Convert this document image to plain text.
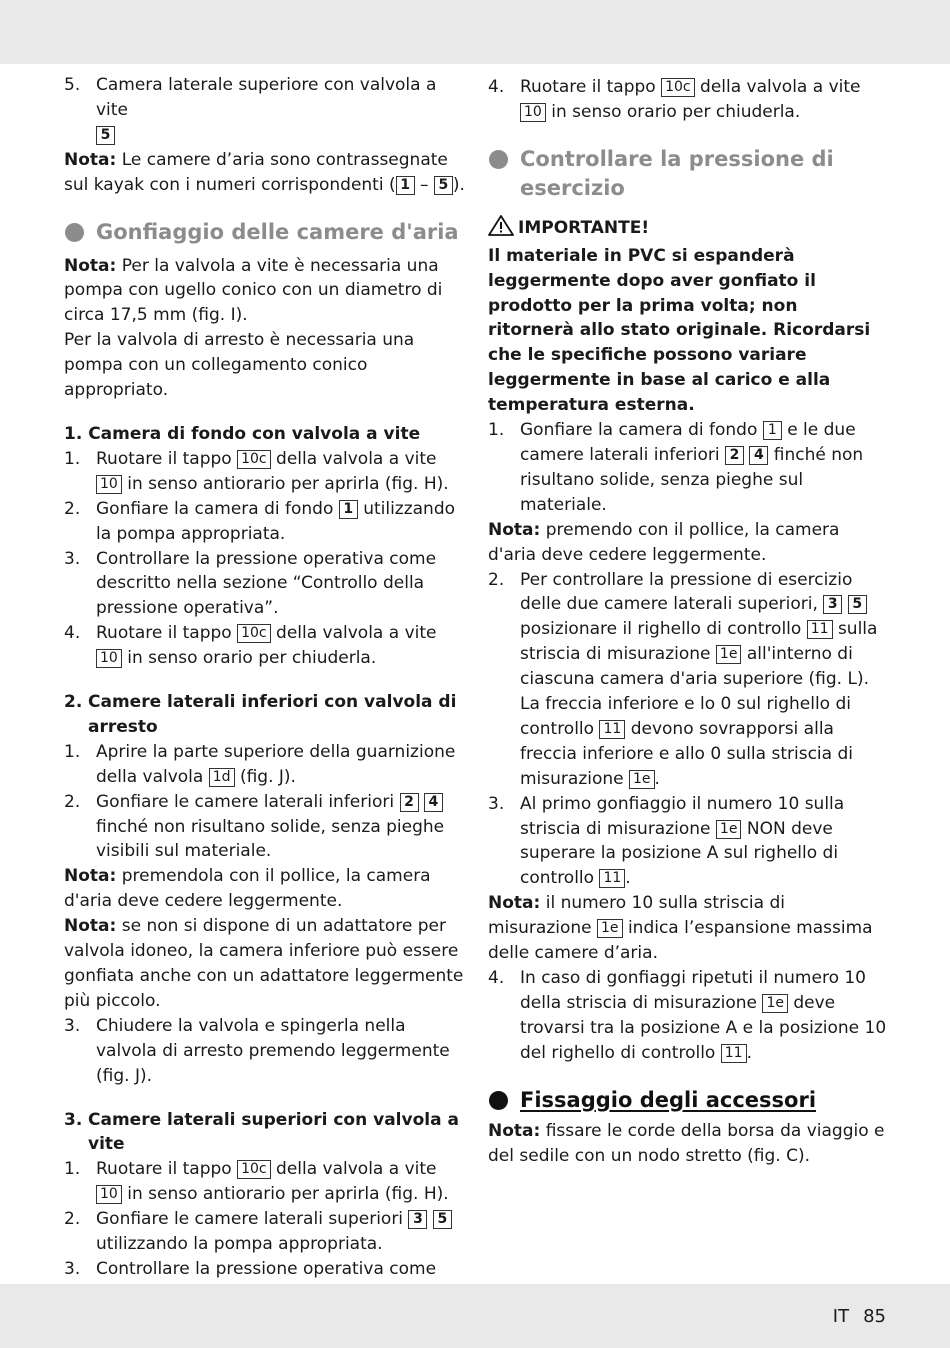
5. Camera laterale superiore con valvola a vite
5

Nota: Le camere d’aria sono contrassegnate sul kayak con i numeri corrispondenti ( 1 – 5 ).

Gonfiaggio delle camere d'aria

Nota: Per la valvola a vite è necessaria una pompa con ugello conico con un diametro di circa 17,5 mm (fig. I).
Per la valvola di arresto è necessaria una pompa con un collegamento conico appropriato.

1. Camera di fondo con valvola a vite

1. Ruotare il tappo 10c della valvola a vite 10 in senso antiorario per aprirla (fig. H).
2. Gonfiare la camera di fondo 1 utilizzando la pompa appropriata.
3. Controllare la pressione operativa come descritto nella sezione “Controllo della pressione operativa”.
4. Ruotare il tappo 10c della valvola a vite 10 in senso orario per chiuderla.
2. Camere laterali inferiori con valvola di arresto
1. Aprire la parte superiore della guarnizione della valvola 1d (fig. J).
2. Gonfiare le camere laterali inferiori 2 4 finché non risultano solide, senza pieghe visibili sul materiale.

Nota: premendola con il pollice, la camera d'aria deve cedere leggermente.

Nota: se non si dispone di un adattatore per valvola idoneo, la camera inferiore può essere gonfiata anche con un adattatore leggermente più piccolo.

3. Chiudere la valvola e spingerla nella valvola di arresto premendo leggermente (fig. J).
3. Camere laterali superiori con valvola a vite
1. Ruotare il tappo 10c della valvola a vite 10 in senso antiorario per aprirla (fig. H).
2. Gonfiare le camere laterali superiori 3 5 utilizzando la pompa appropriata.
3. Controllare la pressione operativa come
4. Ruotare il tappo 10c della valvola a vite 10 in senso orario per chiuderla.
Controllare la pressione di esercizio

IMPORTANTE!
Il materiale in PVC si espanderà leggermente dopo aver gonfiato il prodotto per la prima volta; non ritornerà allo stato originale. Ricordarsi che le specifiche possono variare leggermente in base al carico e alla temperatura esterna.

1. Gonfiare la camera di fondo 1 e le due camere laterali inferiori 2 4 finché non risultano solide, senza pieghe sul materiale.

Nota: premendo con il pollice, la camera d'aria deve cedere leggermente.

2. Per controllare la pressione di esercizio delle due camere laterali superiori, 3 5 posizionare il righello di controllo 11 sulla striscia di misurazione 1e all'interno di ciascuna camera d'aria superiore (fig. L).
La freccia inferiore e lo 0 sul righello di controllo 11 devono sovrapporsi alla freccia inferiore e allo 0 sulla striscia di misurazione 1e .
3. Al primo gonfiaggio il numero 10 sulla striscia di misurazione 1e NON deve superare la posizione A sul righello di controllo 11 .

Nota: il numero 10 sulla striscia di misurazione 1e indica l’espansione massima delle camere d’aria.

4. In caso di gonfiaggi ripetuti il numero 10 della striscia di misurazione 1e deve trovarsi tra la posizione A e la posizione 10 del righello di controllo 11 .
Fissaggio degli accessori

Nota: fissare le corde della borsa da viaggio e del sedile con un nodo stretto (fig. C).

IT 85
